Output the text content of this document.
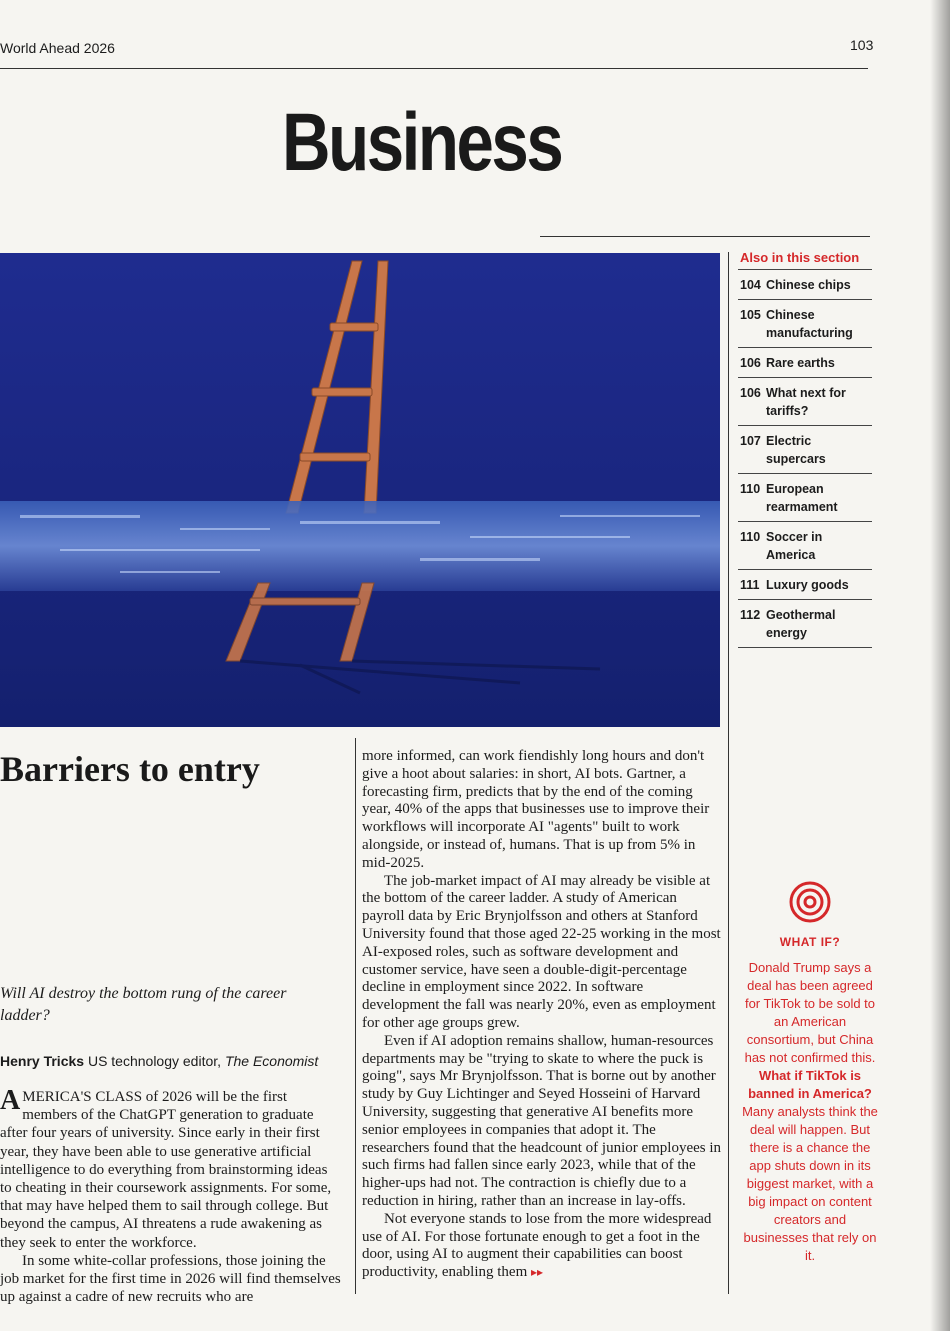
World Ahead 2026	103
Business
Also in this section
104 Chinese chips
105 Chinese manufacturing
106 Rare earths
106 What next for tariffs?
107 Electric supercars
110 European rearmament
110 Soccer in America
111 Luxury goods
112 Geothermal energy
Barriers to entry
Will AI destroy the bottom rung of the career ladder?
Henry Tricks US technology editor, The Economist

AMERICA'S CLASS of 2026 will be the first members of the ChatGPT generation to graduate after four years of university. Since early in their first year, they have been able to use generative artificial intelligence to do everything from brainstorming ideas to cheating in their coursework assignments. For some, that may have helped them to sail through college. But beyond the campus, AI threatens a rude awakening as they seek to enter the workforce.

In some white-collar professions, those joining the job market for the first time in 2026 will find themselves up against a cadre of new recruits who are

more informed, can work fiendishly long hours and don't give a hoot about salaries: in short, AI bots. Gartner, a forecasting firm, predicts that by the end of the coming year, 40% of the apps that businesses use to improve their workflows will incorporate AI "agents" built to work alongside, or instead of, humans. That is up from 5% in mid-2025.

The job-market impact of AI may already be visible at the bottom of the career ladder. A study of American payroll data by Eric Brynjolfsson and others at Stanford University found that those aged 22-25 working in the most AI-exposed roles, such as software development and customer service, have seen a double-digit-percentage decline in employment since 2022. In software development the fall was nearly 20%, even as employment for other age groups grew.

Even if AI adoption remains shallow, human-resources departments may be "trying to skate to where the puck is going", says Mr Brynjolfsson. That is borne out by another study by Guy Lichtinger and Seyed Hosseini of Harvard University, suggesting that generative AI benefits more senior employees in companies that adopt it. The researchers found that the headcount of junior employees in such firms had fallen since early 2023, while that of the higher-ups had not. The contraction is chiefly due to a reduction in hiring, rather than an increase in lay-offs.

Not everyone stands to lose from the more widespread use of AI. For those fortunate enough to get a foot in the door, using AI to augment their capabilities can boost productivity, enabling them ▸▸

WHAT IF?
Donald Trump says a deal has been agreed for TikTok to be sold to an American consortium, but China has not confirmed this. What if TikTok is banned in America? Many analysts think the deal will happen. But there is a chance the app shuts down in its biggest market, with a big impact on content creators and businesses that rely on it.
